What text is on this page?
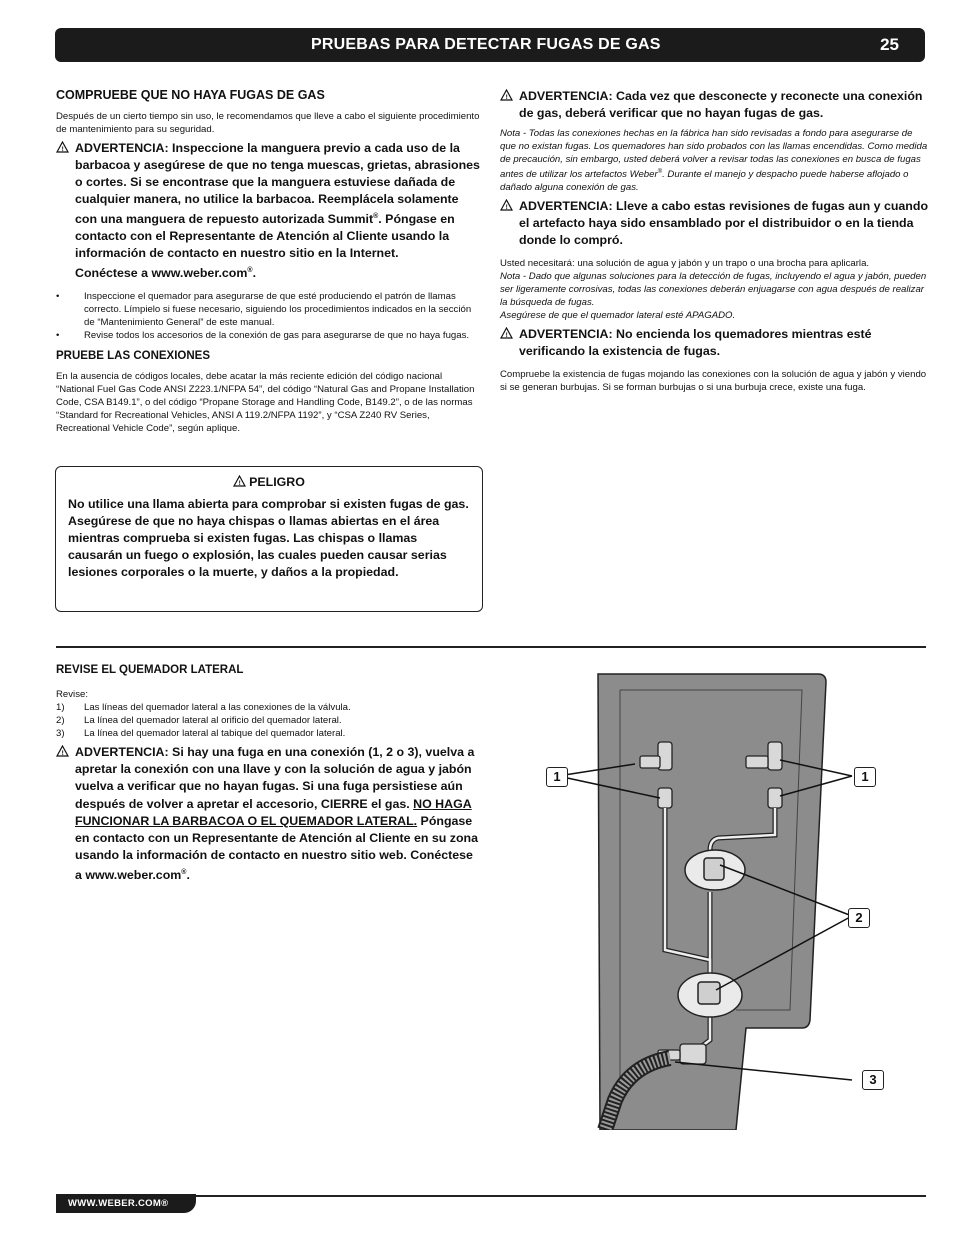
PRUEBAS PARA DETECTAR FUGAS DE GAS	25
COMPRUEBE QUE NO HAYA FUGAS DE GAS

Después de un cierto tiempo sin uso, le recomendamos que lleve a cabo el siguiente procedimiento de mantenimiento para su seguridad.

! ADVERTENCIA: Inspeccione la manguera previo a cada uso de la barbacoa y asegúrese de que no tenga muescas, grietas, abrasiones o cortes. Si se encontrase que la manguera estuviese dañada de cualquier manera, no utilice la barbacoa. Reemplácela solamente con una manguera de repuesto autorizada Summit®. Póngase en contacto con el Representante de Atención al Cliente usando la información de contacto en nuestro sitio en la Internet.
Conéctese a www.weber.com®.
•	Inspeccione el quemador para asegurarse de que esté produciendo el patrón de llamas correcto. Límpielo si fuese necesario, siguiendo los procedimientos indicados en la sección de “Mantenimiento General” de este manual.
•	Revise todos los accesorios de la conexión de gas para asegurarse de que no haya fugas.
PRUEBE LAS CONEXIONES

En la ausencia de códigos locales, debe acatar la más reciente edición del código nacional “National Fuel Gas Code ANSI Z223.1/NFPA 54”, del código “Natural Gas and Propane Installation Code, CSA B149.1”, o del código “Propane Storage and Handling Code, B149.2”, o de las normas “Standard for Recreational Vehicles, ANSI A 119.2/NFPA 1192”, y “CSA Z240 RV Series, Recreational Vehicle Code”, según aplique.

! PELIGRO
No utilice una llama abierta para comprobar si existen fugas de gas. Asegúrese de que no haya chispas o llamas abiertas en el área mientras comprueba si existen fugas. Las chispas o llamas causarán un fuego o explosión, las cuales pueden causar serias lesiones corporales o la muerte, y daños a la propiedad.
! ADVERTENCIA: Cada vez que desconecte y reconecte una conexión de gas, deberá verificar que no hayan fugas de gas.

Nota - Todas las conexiones hechas en la fábrica han sido revisadas a fondo para asegurarse de que no existan fugas. Los quemadores han sido probados con las llamas encendidas. Como medida de precaución, sin embargo, usted deberá volver a revisar todas las conexiones en busca de fugas antes de utilizar los artefactos Weber®. Durante el manejo y despacho puede haberse aflojado o dañado alguna conexión de gas.

! ADVERTENCIA: Lleve a cabo estas revisiones de fugas aun y cuando el artefacto haya sido ensamblado por el distribuidor o en la tienda donde lo compró.

Usted necesitará: una solución de agua y jabón y un trapo o una brocha para aplicarla.

Nota - Dado que algunas soluciones para la detección de fugas, incluyendo el agua y jabón, pueden ser ligeramente corrosivas, todas las conexiones deberán enjuagarse con agua después de realizar la búsqueda de fugas.

Asegúrese de que el quemador lateral esté APAGADO.

! ADVERTENCIA: No encienda los quemadores mientras esté verificando la existencia de fugas.

Compruebe la existencia de fugas mojando las conexiones con la solución de agua y jabón y viendo si se generan burbujas. Si se forman burbujas o si una burbuja crece, existe una fuga.

REVISE EL QUEMADOR LATERAL

Revise:

1) Las líneas del quemador lateral a las conexiones de la válvula.
2) La línea del quemador lateral al orificio del quemador lateral.
3) La línea del quemador lateral al tabique del quemador lateral.
! ADVERTENCIA: Si hay una fuga en una conexión (1, 2 o 3), vuelva a apretar la conexión con una llave y con la solución de agua y jabón vuelva a verificar que no hayan fugas. Si una fuga persistiese aún después de volver a apretar el accesorio, CIERRE el gas. NO HAGA FUNCIONAR LA BARBACOA O EL QUEMADOR LATERAL. Póngase en contacto con un Representante de Atención al Cliente en su zona usando la información de contacto en nuestro sitio web. Conéctese a www.weber.com®.
1	1
2
3
WWW.WEBER.COM®
